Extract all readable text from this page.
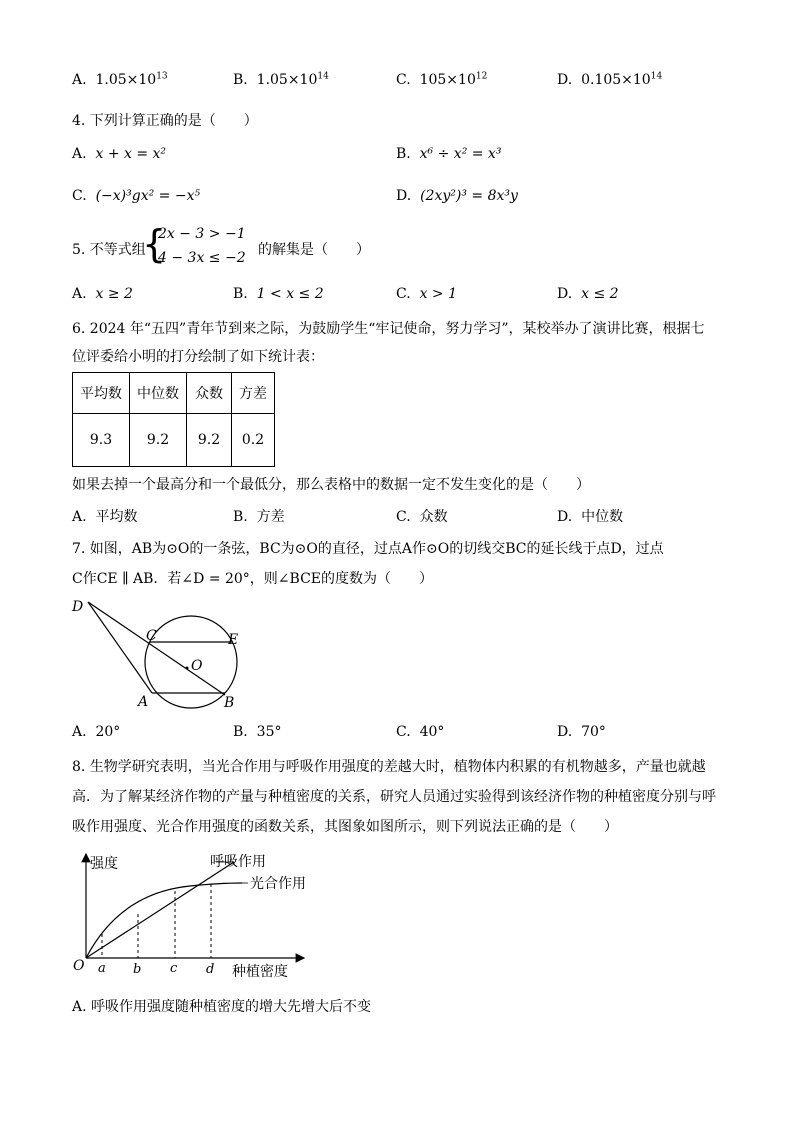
A. $1.05\times 10^{13}$	B. $1.05\times 10^{14}$	C. $105\times 10^{12}$	D. $0.105\times 10^{14}$
4. 下列计算正确的是（　　）
A. x + x = x²	B. x⁶ ÷ x² = x³
C. (−x)³gx² = −x⁵	D. (2xy²)³ = 8x³y
5. 不等式组
{
2x − 3 > −1
4 − 3x ≤ −2 的解集是（　　）
A. x ≥ 2	B. 1 < x ≤ 2	C. x > 1	D. x ≤ 2
6. 2024 年“五四”青年节到来之际，为鼓励学生“牢记使命，努力学习”，某校举办了演讲比赛，根据七
位评委给小明的打分绘制了如下统计表：
平均数	中位数	众数	方差
9.3	9.2	9.2	0.2
如果去掉一个最高分和一个最低分，那么表格中的数据一定不发生变化的是（　　）
A. 平均数	B. 方差	C. 众数	D. 中位数
7. 如图，AB为⊙O的一条弦，BC为⊙O的直径，过点A作⊙O的切线交BC的延长线于点D，过点
C作CE ∥ AB．若∠D = 20°，则∠BCE的度数为（　　）
D
C	E
O
A	B
A. 20°	B. 35°	C. 40°	D. 70°
8. 生物学研究表明，当光合作用与呼吸作用强度的差越大时，植物体内积累的有机物越多，产量也就越
高．为了解某经济作物的产量与种植密度的关系，研究人员通过实验得到该经济作物的种植密度分别与呼
吸作用强度、光合作用强度的函数关系，其图象如图所示，则下列说法正确的是（　　）
强度	呼吸作用
光合作用
O a b c d 种植密度
A. 呼吸作用强度随种植密度的增大先增大后不变
